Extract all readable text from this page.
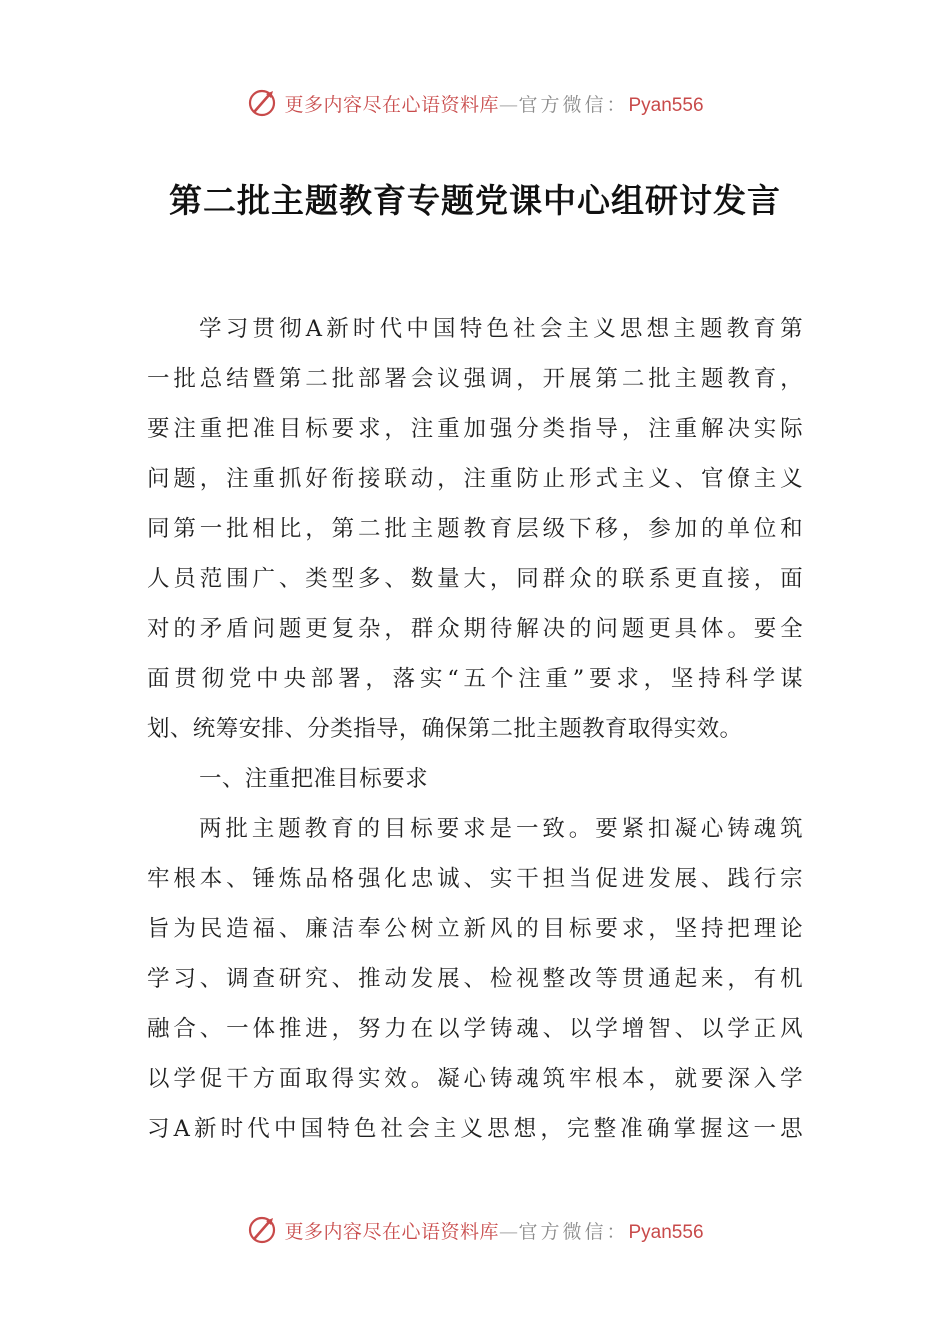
更多内容尽在心语资料库—官方微信：Pyan556
第二批主题教育专题党课中心组研讨发言
学习贯彻A新时代中国特色社会主义思想主题教育第
一批总结暨第二批部署会议强调，开展第二批主题教育，
要注重把准目标要求，注重加强分类指导，注重解决实际
问题，注重抓好衔接联动，注重防止形式主义、官僚主义
同第一批相比，第二批主题教育层级下移，参加的单位和
人员范围广、类型多、数量大，同群众的联系更直接，面
对的矛盾问题更复杂，群众期待解决的问题更具体。要全
面贯彻党中央部署，落实“五个注重”要求，坚持科学谋
划、统筹安排、分类指导，确保第二批主题教育取得实效。
一、注重把准目标要求
两批主题教育的目标要求是一致。要紧扣凝心铸魂筑
牢根本、锤炼品格强化忠诚、实干担当促进发展、践行宗
旨为民造福、廉洁奉公树立新风的目标要求，坚持把理论
学习、调查研究、推动发展、检视整改等贯通起来，有机
融合、一体推进，努力在以学铸魂、以学增智、以学正风
以学促干方面取得实效。凝心铸魂筑牢根本，就要深入学
习A新时代中国特色社会主义思想，完整准确掌握这一思
更多内容尽在心语资料库—官方微信：Pyan556
